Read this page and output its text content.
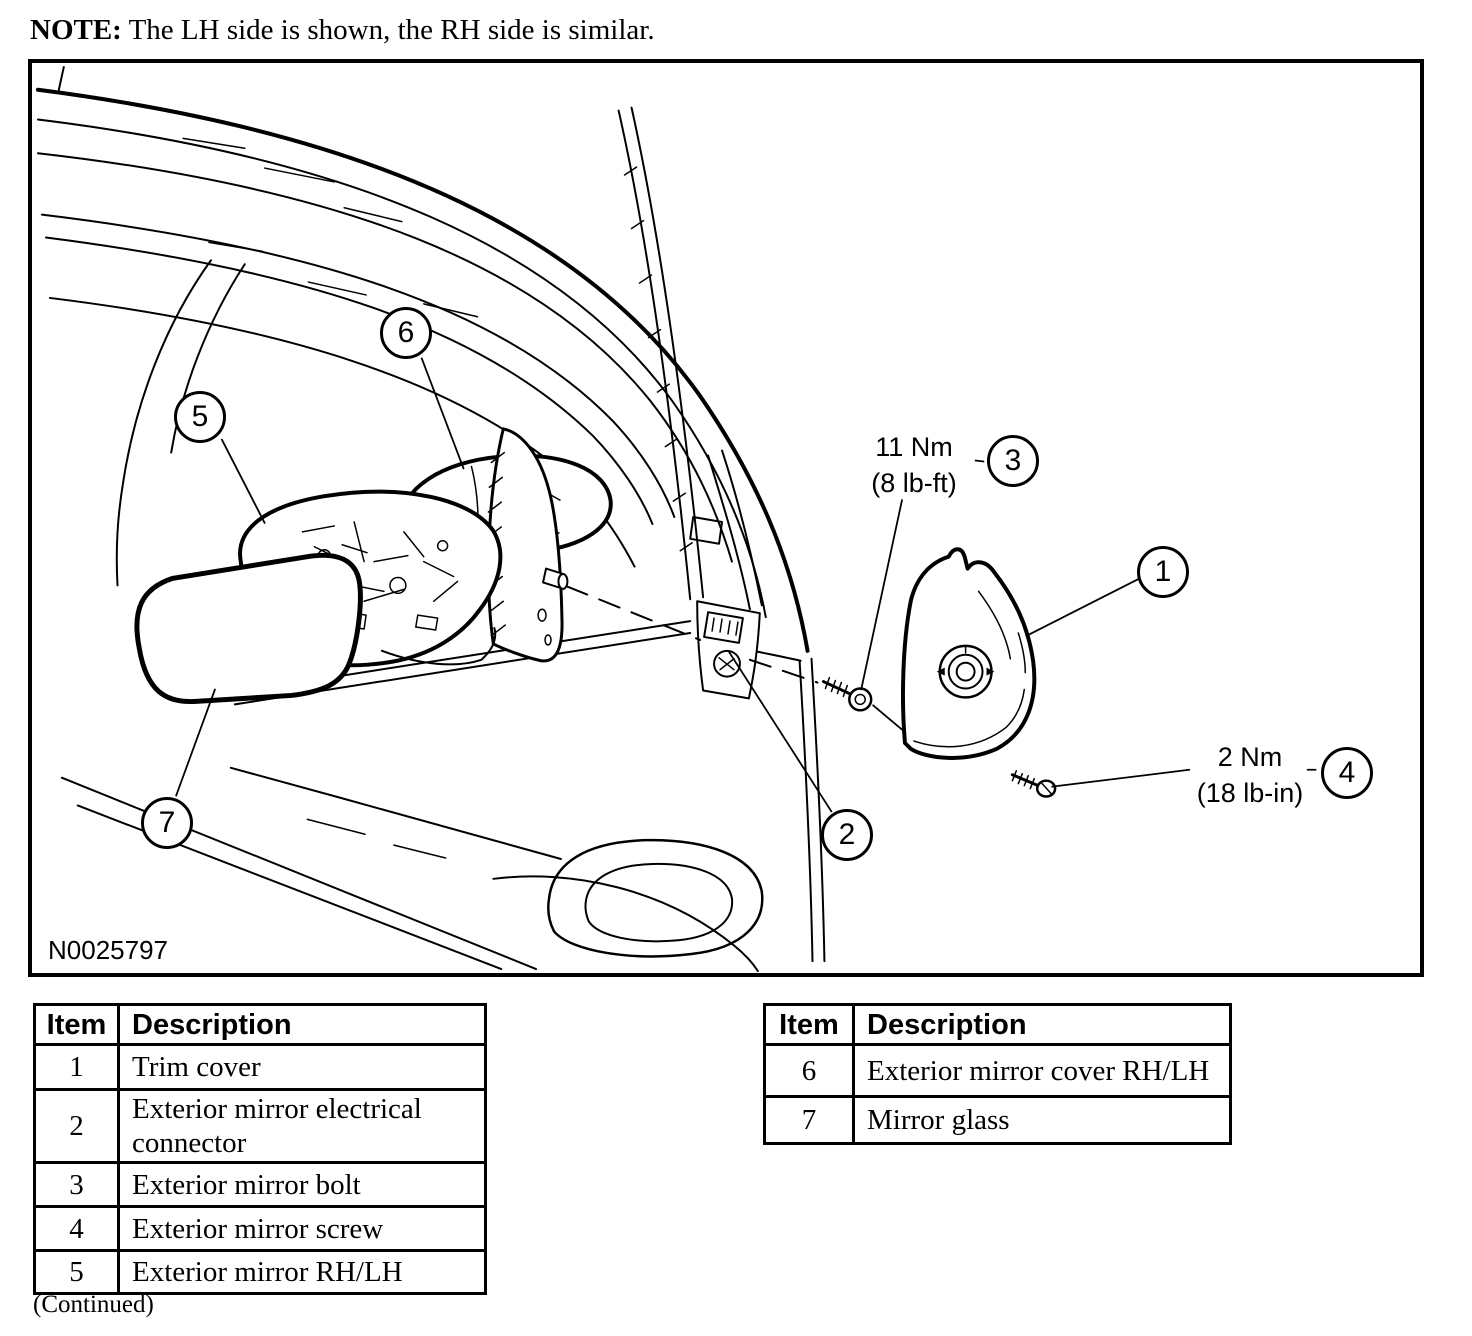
NOTE: The LH side is shown, the RH side is similar.
11 Nm
(8 lb-ft)
2 Nm
(18 lb-in)
1
2
3
4
5
6
7
N0025797
Item	Description
1	Trim cover
2	Exterior mirror electrical connector
3	Exterior mirror bolt
4	Exterior mirror screw
5	Exterior mirror RH/LH
Item	Description
6	Exterior mirror cover RH/LH
7	Mirror glass
(Continued)
